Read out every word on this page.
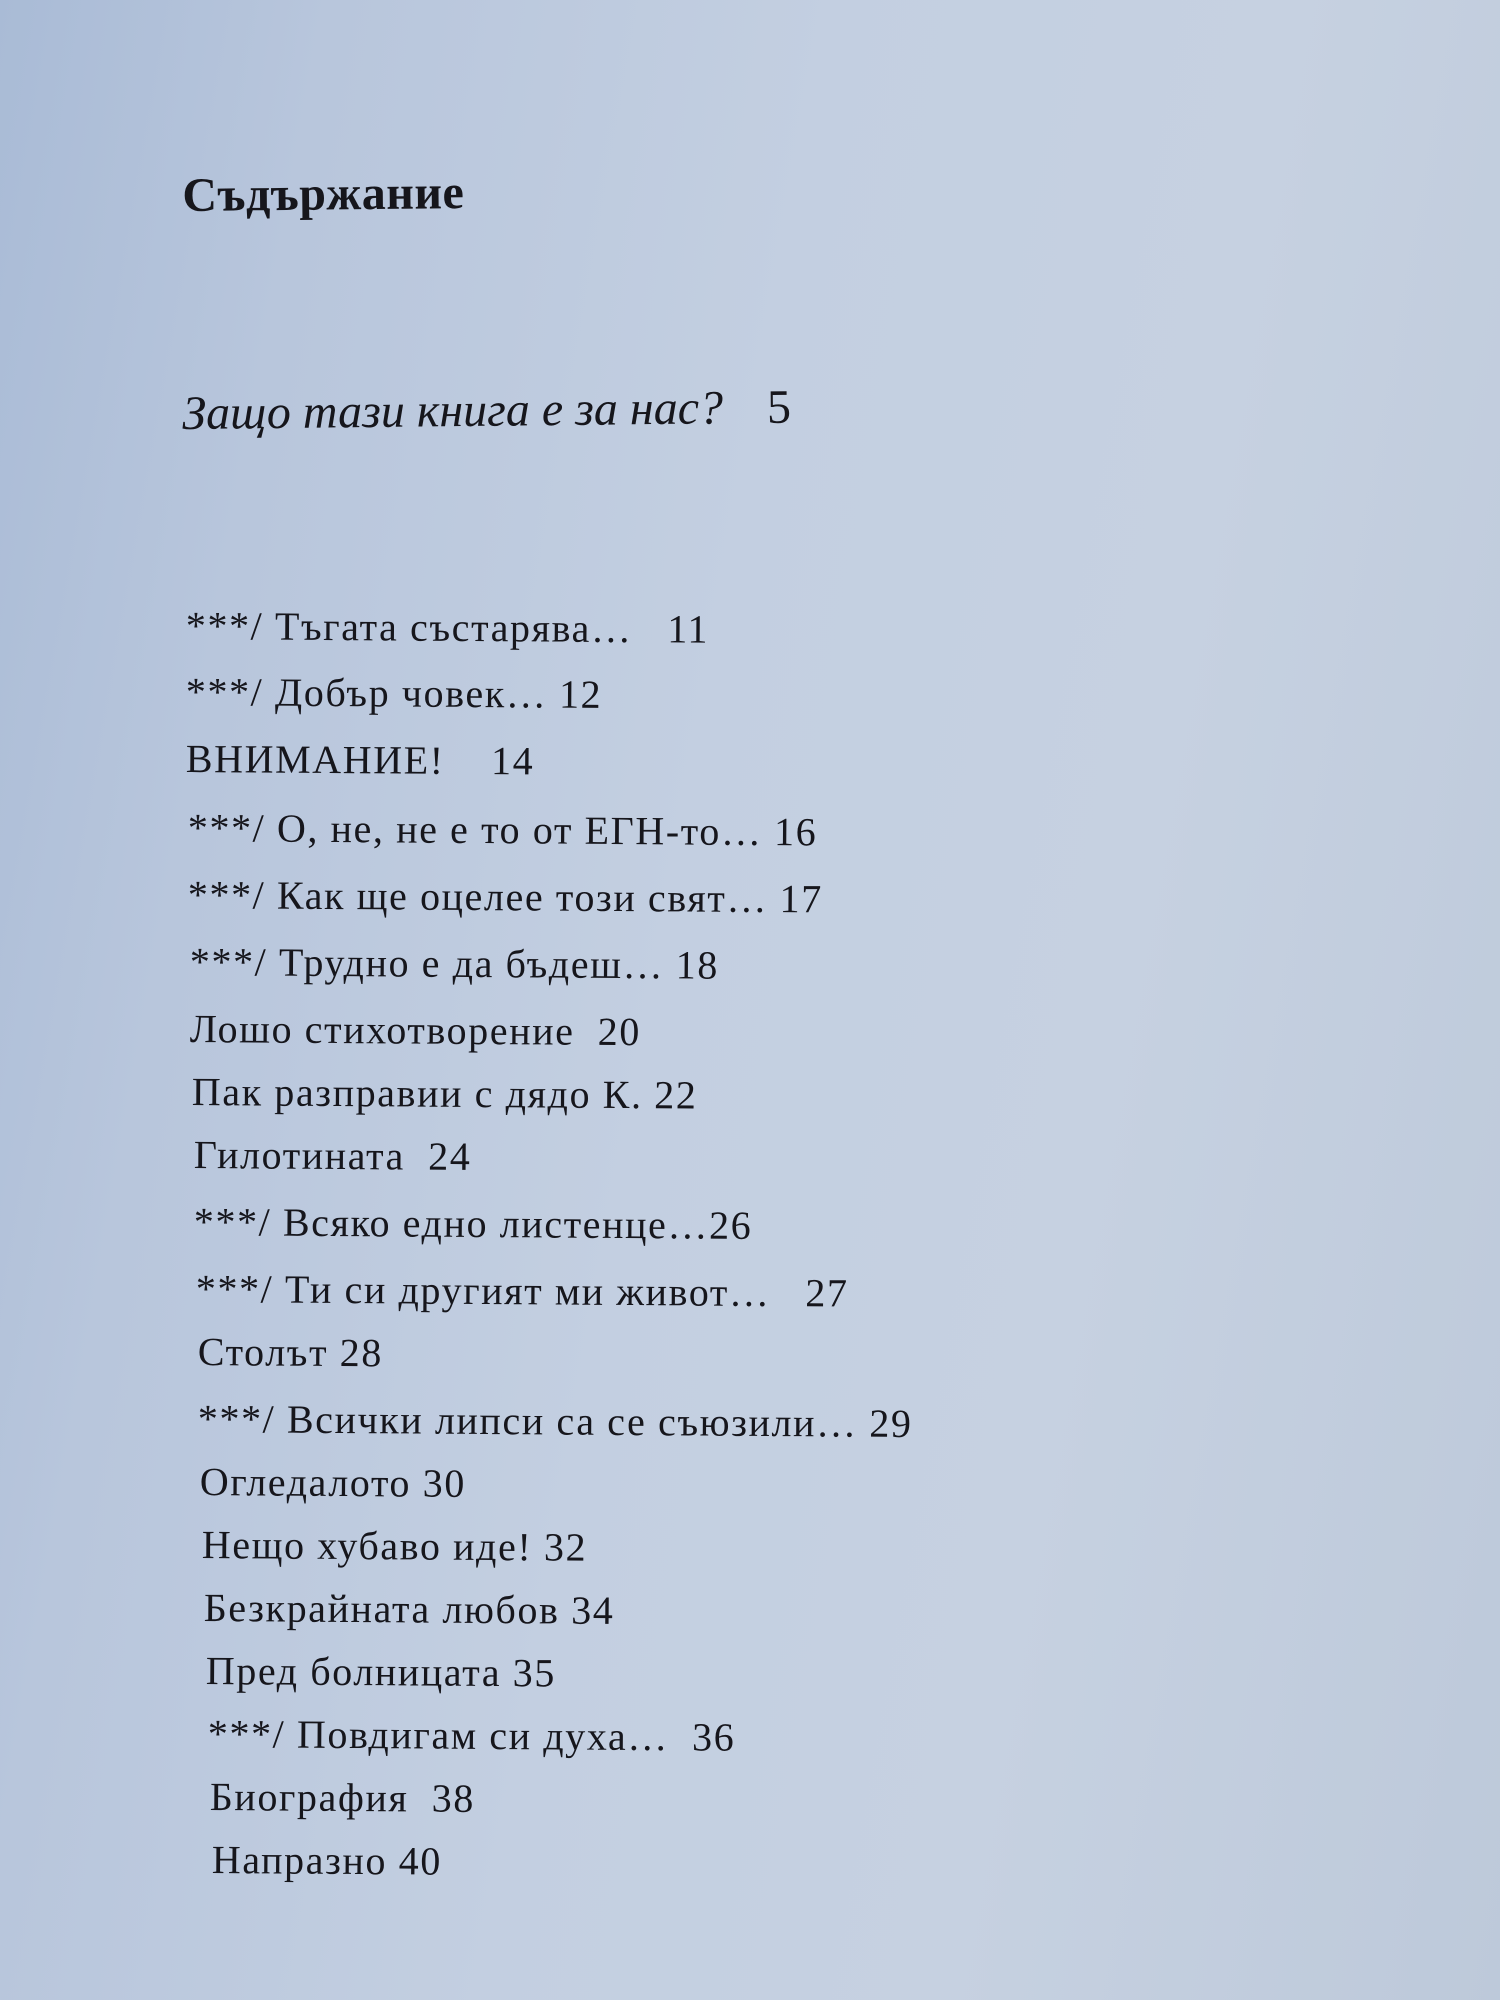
Съдържание
Защо тази книга е за нас? 5
***/ Тъгата състарява… 11
***/ Добър човек… 12
ВНИМАНИЕ! 14
***/ О, не, не е то от ЕГН-то… 16
***/ Как ще оцелее този свят… 17
***/ Трудно е да бъдеш… 18
Лошо стихотворение 20
Пак разправии с дядо К. 22
Гилотината 24
***/ Всяко едно листенце…26
***/ Ти си другият ми живот… 27
Столът 28
***/ Всички липси са се съюзили… 29
Огледалото 30
Нещо хубаво иде! 32
Безкрайната любов 34
Пред болницата 35
***/ Повдигам си духа… 36
Биография 38
Напразно 40
